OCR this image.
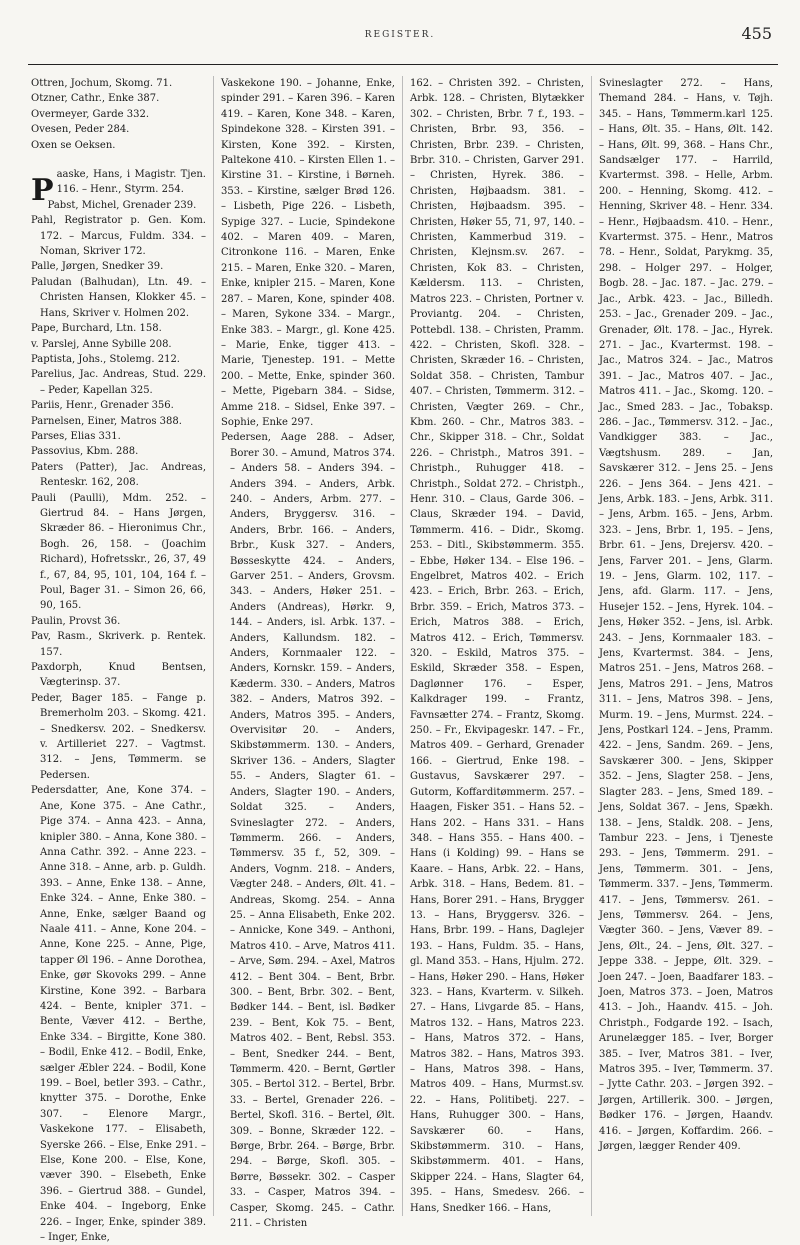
REGISTER.	455

Ottren, Jochum, Skomg. 71.

Otzner, Cathr., Enke 387.

Overmeyer, Garde 332.

Ovesen, Peder 284.

Oxen se Oeksen.

Paaske, Hans, i Magistr. Tjen. 116. – Henr., Styrm. 254.

Pabst, Michel, Grenader 239.

Pahl, Registrator p. Gen. Kom. 172. – Marcus, Fuldm. 334. – Noman, Skriver 172.

Palle, Jørgen, Snedker 39.

Paludan (Balhudan), Ltn. 49. – Christen Hansen, Klokker 45. – Hans, Skriver v. Holmen 202.

Pape, Burchard, Ltn. 158.

v. Parslej, Anne Sybille 208.

Paptista, Johs., Stolemg. 212.

Parelius, Jac. Andreas, Stud. 229. – Peder, Kapellan 325.

Pariis, Henr., Grenader 356.

Parnelsen, Einer, Matros 388.

Parses, Elias 331.

Passovius, Kbm. 288.

Paters (Patter), Jac. Andreas, Renteskr. 162, 208.

Pauli (Paulli), Mdm. 252. – Giertrud 84. – Hans Jørgen, Skræder 86. – Hieronimus Chr., Bogh. 26, 158. – (Joachim Richard), Hofretsskr., 26, 37, 49 f., 67, 84, 95, 101, 104, 164 f. – Poul, Bager 31. – Simon 26, 66, 90, 165.

Paulin, Provst 36.

Pav, Rasm., Skriverk. p. Rentek. 157.

Paxdorph, Knud Bentsen, Vægterinsp. 37.

Peder, Bager 185. – Fange p. Bremerholm 203. – Skomg. 421. – Snedkersv. 202. – Snedkersv. v. Artilleriet 227. – Vagtmst. 312. – Jens, Tømmerm. se Pedersen.

Pedersdatter, Ane, Kone 374. – Ane, Kone 375. – Ane Cathr., Pige 374. – Anna 423. – Anna, knipler 380. – Anna, Kone 380. – Anna Cathr. 392. – Anne 223. – Anne 318. – Anne, arb. p. Guldh. 393. – Anne, Enke 138. – Anne, Enke 324. – Anne, Enke 380. – Anne, Enke, sælger Baand og Naale 411. – Anne, Kone 204. – Anne, Kone 225. – Anne, Pige, tapper Øl 196. – Anne Dorothea, Enke, gør Skovoks 299. – Anne Kirstine, Kone 392. – Barbara 424. – Bente, knipler 371. – Bente, Væver 412. – Berthe, Enke 334. – Birgitte, Kone 380. – Bodil, Enke 412. – Bodil, Enke, sælger Æbler 224. – Bodil, Kone 199. – Boel, betler 393. – Cathr., knytter 375. – Dorothe, Enke 307. – Elenore Margr., Vaskekone 177. – Elisabeth, Syerske 266. – Else, Enke 291. – Else, Kone 200. – Else, Kone, væver 390. – Elsebeth, Enke 396. – Giertrud 388. – Gundel, Enke 404. – Ingeborg, Enke 226. – Inger, Enke, spinder 389. – Inger, Enke,

Vaskekone 190. – Johanne, Enke, spinder 291. – Karen 396. – Karen 419. – Karen, Kone 348. – Karen, Spindekone 328. – Kirsten 391. – Kirsten, Kone 392. – Kirsten, Paltekone 410. – Kirsten Ellen 1. – Kirstine 31. – Kirstine, i Børneh. 353. – Kirstine, sælger Brød 126. – Lisbeth, Pige 226. – Lisbeth, Sypige 327. – Lucie, Spindekone 402. – Maren 409. – Maren, Citronkone 116. – Maren, Enke 215. – Maren, Enke 320. – Maren, Enke, knipler 215. – Maren, Kone 287. – Maren, Kone, spinder 408. – Maren, Sykone 334. – Margr., Enke 383. – Margr., gl. Kone 425. – Marie, Enke, tigger 413. – Marie, Tjenestep. 191. – Mette 200. – Mette, Enke, spinder 360. – Mette, Pigebarn 384. – Sidse, Amme 218. – Sidsel, Enke 397. – Sophie, Enke 297.

Pedersen, Aage 288. – Adser, Borer 30. – Amund, Matros 374. – Anders 58. – Anders 394. – Anders 394. – Anders, Arbk. 240. – Anders, Arbm. 277. – Anders, Bryggersv. 316. – Anders, Brbr. 166. – Anders, Brbr., Kusk 327. – Anders, Bøsseskytte 424. – Anders, Garver 251. – Anders, Grovsm. 343. – Anders, Høker 251. – Anders (Andreas), Hørkr. 9, 144. – Anders, isl. Arbk. 137. – Anders, Kallundsm. 182. – Anders, Kornmaaler 122. – Anders, Kornskr. 159. – Anders, Kæderm. 330. – Anders, Matros 382. – Anders, Matros 392. – Anders, Matros 395. – Anders, Overvisitør 20. – Anders, Skibstømmerm. 130. – Anders, Skriver 136. – Anders, Slagter 55. – Anders, Slagter 61. – Anders, Slagter 190. – Anders, Soldat 325. – Anders, Svineslagter 272. – Anders, Tømmerm. 266. – Anders, Tømmersv. 35 f., 52, 309. – Anders, Vognm. 218. – Anders, Vægter 248. – Anders, Ølt. 41. – Andreas, Skomg. 254. – Anna 25. – Anna Elisabeth, Enke 202. – Annicke, Kone 349. – Anthoni, Matros 410. – Arve, Matros 411. – Arve, Søm. 294. – Axel, Matros 412. – Bent 304. – Bent, Brbr. 300. – Bent, Brbr. 302. – Bent, Bødker 144. – Bent, isl. Bødker 239. – Bent, Kok 75. – Bent, Matros 402. – Bent, Rebsl. 353. – Bent, Snedker 244. – Bent, Tømmerm. 420. – Bernt, Gørtler 305. – Bertol 312. – Bertel, Brbr. 33. – Bertel, Grenader 226. – Bertel, Skofl. 316. – Bertel, Ølt. 309. – Bonne, Skræder 122. – Børge, Brbr. 264. – Børge, Brbr. 294. – Børge, Skofl. 305. – Børre, Bøssekr. 302. – Casper 33. – Casper, Matros 394. – Casper, Skomg. 245. – Cathr. 211. – Christen

162. – Christen 392. – Christen, Arbk. 128. – Christen, Blytækker 302. – Christen, Brbr. 7 f., 193. – Christen, Brbr. 93, 356. – Christen, Brbr. 239. – Christen, Brbr. 310. – Christen, Garver 291. – Christen, Hyrek. 386. – Christen, Højbaadsm. 381. – Christen, Højbaadsm. 395. – Christen, Høker 55, 71, 97, 140. – Christen, Kammerbud 319. – Christen, Klejnsm.sv. 267. – Christen, Kok 83. – Christen, Kældersm. 113. – Christen, Matros 223. – Christen, Portner v. Proviantg. 204. – Christen, Pottebdl. 138. – Christen, Pramm. 422. – Christen, Skofl. 328. – Christen, Skræder 16. – Christen, Soldat 358. – Christen, Tambur 407. – Christen, Tømmerm. 312. – Christen, Vægter 269. – Chr., Kbm. 260. – Chr., Matros 383. – Chr., Skipper 318. – Chr., Soldat 226. – Christph., Matros 391. – Christph., Ruhugger 418. – Christph., Soldat 272. – Christph., Henr. 310. – Claus, Garde 306. – Claus, Skræder 194. – David, Tømmerm. 416. – Didr., Skomg. 253. – Ditl., Skibstømmerm. 355. – Ebbe, Høker 134. – Else 196. – Engelbret, Matros 402. – Erich 423. – Erich, Brbr. 263. – Erich, Brbr. 359. – Erich, Matros 373. – Erich, Matros 388. – Erich, Matros 412. – Erich, Tømmersv. 320. – Eskild, Matros 375. – Eskild, Skræder 358. – Espen, Daglønner 176. – Esper, Kalkdrager 199. – Frantz, Favnsætter 274. – Frantz, Skomg. 250. – Fr., Ekvipageskr. 147. – Fr., Matros 409. – Gerhard, Grenader 166. – Giertrud, Enke 198. – Gustavus, Savskærer 297. – Gutorm, Koffarditømmerm. 257. – Haagen, Fisker 351. – Hans 52. – Hans 202. – Hans 331. – Hans 348. – Hans 355. – Hans 400. – Hans (i Kolding) 99. – Hans se Kaare. – Hans, Arbk. 22. – Hans, Arbk. 318. – Hans, Bedem. 81. – Hans, Borer 291. – Hans, Brygger 13. – Hans, Bryggersv. 326. – Hans, Brbr. 199. – Hans, Daglejer 193. – Hans, Fuldm. 35. – Hans, gl. Mand 353. – Hans, Hjulm. 272. – Hans, Høker 290. – Hans, Høker 323. – Hans, Kvarterm. v. Silkeh. 27. – Hans, Livgarde 85. – Hans, Matros 132. – Hans, Matros 223. – Hans, Matros 372. – Hans, Matros 382. – Hans, Matros 393. – Hans, Matros 398. – Hans, Matros 409. – Hans, Murmst.sv. 22. – Hans, Politibetj. 227. – Hans, Ruhugger 300. – Hans, Savskærer 60. – Hans, Skibstømmerm. 310. – Hans, Skibstømmerm. 401. – Hans, Skipper 224. – Hans, Slagter 64, 395. – Hans, Smedesv. 266. – Hans, Snedker 166. – Hans,

Svineslagter 272. – Hans, Themand 284. – Hans, v. Tøjh. 345. – Hans, Tømmerm.karl 125. – Hans, Ølt. 35. – Hans, Ølt. 142. – Hans, Ølt. 99, 368. – Hans Chr., Sandsælger 177. – Harrild, Kvartermst. 398. – Helle, Arbm. 200. – Henning, Skomg. 412. – Henning, Skriver 48. – Henr. 334. – Henr., Højbaadsm. 410. – Henr., Kvartermst. 375. – Henr., Matros 78. – Henr., Soldat, Parykmg. 35, 298. – Holger 297. – Holger, Bogb. 28. – Jac. 187. – Jac. 279. – Jac., Arbk. 423. – Jac., Billedh. 253. – Jac., Grenader 209. – Jac., Grenader, Ølt. 178. – Jac., Hyrek. 271. – Jac., Kvartermst. 198. – Jac., Matros 324. – Jac., Matros 391. – Jac., Matros 407. – Jac., Matros 411. – Jac., Skomg. 120. – Jac., Smed 283. – Jac., Tobaksp. 286. – Jac., Tømmersv. 312. – Jac., Vandkigger 383. – Jac., Vægtshusm. 289. – Jan, Savskærer 312. – Jens 25. – Jens 226. – Jens 364. – Jens 421. – Jens, Arbk. 183. – Jens, Arbk. 311. – Jens, Arbm. 165. – Jens, Arbm. 323. – Jens, Brbr. 1, 195. – Jens, Brbr. 61. – Jens, Drejersv. 420. – Jens, Farver 201. – Jens, Glarm. 19. – Jens, Glarm. 102, 117. – Jens, afd. Glarm. 117. – Jens, Husejer 152. – Jens, Hyrek. 104. – Jens, Høker 352. – Jens, isl. Arbk. 243. – Jens, Kornmaaler 183. – Jens, Kvartermst. 384. – Jens, Matros 251. – Jens, Matros 268. – Jens, Matros 291. – Jens, Matros 311. – Jens, Matros 398. – Jens, Murm. 19. – Jens, Murmst. 224. – Jens, Postkarl 124. – Jens, Pramm. 422. – Jens, Sandm. 269. – Jens, Savskærer 300. – Jens, Skipper 352. – Jens, Slagter 258. – Jens, Slagter 283. – Jens, Smed 189. – Jens, Soldat 367. – Jens, Spækh. 138. – Jens, Staldk. 208. – Jens, Tambur 223. – Jens, i Tjeneste 293. – Jens, Tømmerm. 291. – Jens, Tømmerm. 301. – Jens, Tømmerm. 337. – Jens, Tømmerm. 417. – Jens, Tømmersv. 261. – Jens, Tømmersv. 264. – Jens, Vægter 360. – Jens, Væver 89. – Jens, Ølt., 24. – Jens, Ølt. 327. – Jeppe 338. – Jeppe, Ølt. 329. – Joen 247. – Joen, Baadfarer 183. – Joen, Matros 373. – Joen, Matros 413. – Joh., Haandv. 415. – Joh. Christph., Fodgarde 192. – Isach, Arunelægger 185. – Iver, Borger 385. – Iver, Matros 381. – Iver, Matros 395. – Iver, Tømmerm. 37. – Jytte Cathr. 203. – Jørgen 392. – Jørgen, Artillerik. 300. – Jørgen, Bødker 176. – Jørgen, Haandv. 416. – Jørgen, Koffardim. 266. – Jørgen, lægger Render 409.
